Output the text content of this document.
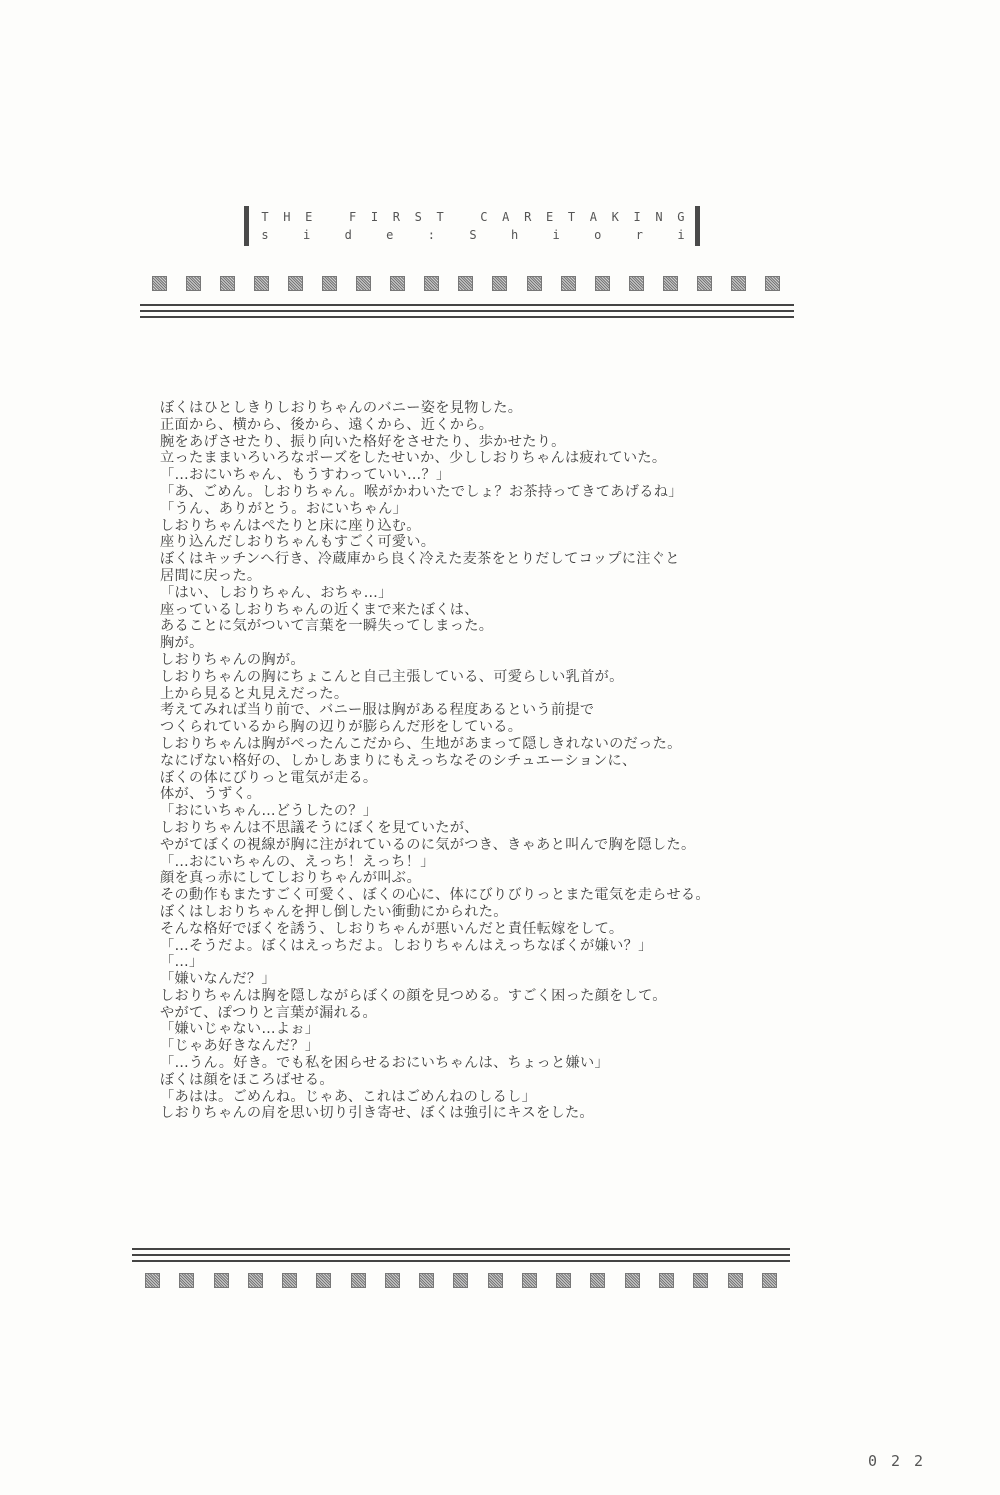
T H E
	F I R S T
	C A R E T A K I N G
s	i	d	e	:	S	h	i	o	r	i
ぼくはひとしきりしおりちゃんのバニー姿を見物した。
正面から、横から、後から、遠くから、近くから。
腕をあげさせたり、振り向いた格好をさせたり、歩かせたり。
立ったままいろいろなポーズをしたせいか、少ししおりちゃんは疲れていた。
「…おにいちゃん、もうすわっていい…？」
「あ、ごめん。しおりちゃん。喉がかわいたでしょ？お茶持ってきてあげるね」
「うん、ありがとう。おにいちゃん」
しおりちゃんはぺたりと床に座り込む。
座り込んだしおりちゃんもすごく可愛い。
ぼくはキッチンへ行き、冷蔵庫から良く冷えた麦茶をとりだしてコップに注ぐと
居間に戻った。
「はい、しおりちゃん、おちゃ…」
座っているしおりちゃんの近くまで来たぼくは、
あることに気がついて言葉を一瞬失ってしまった。
胸が。
しおりちゃんの胸が。
しおりちゃんの胸にちょこんと自己主張している、可愛らしい乳首が。
上から見ると丸見えだった。
考えてみれば当り前で、バニー服は胸がある程度あるという前提で
つくられているから胸の辺りが膨らんだ形をしている。
しおりちゃんは胸がぺったんこだから、生地があまって隠しきれないのだった。
なにげない格好の、しかしあまりにもえっちなそのシチュエーションに、
ぼくの体にびりっと電気が走る。
体が、うずく。
「おにいちゃん…どうしたの？」
しおりちゃんは不思議そうにぼくを見ていたが、
やがてぼくの視線が胸に注がれているのに気がつき、きゃあと叫んで胸を隠した。
「…おにいちゃんの、えっち！えっち！」
顔を真っ赤にしてしおりちゃんが叫ぶ。
その動作もまたすごく可愛く、ぼくの心に、体にびりびりっとまた電気を走らせる。
ぼくはしおりちゃんを押し倒したい衝動にかられた。
そんな格好でぼくを誘う、しおりちゃんが悪いんだと責任転嫁をして。
「…そうだよ。ぼくはえっちだよ。しおりちゃんはえっちなぼくが嫌い？」
「…」
「嫌いなんだ？」
しおりちゃんは胸を隠しながらぼくの顔を見つめる。すごく困った顔をして。
やがて、ぽつりと言葉が漏れる。
「嫌いじゃない…よぉ」
「じゃあ好きなんだ？」
「…うん。好き。でも私を困らせるおにいちゃんは、ちょっと嫌い」
ぼくは顔をほころばせる。
「あはは。ごめんね。じゃあ、これはごめんねのしるし」
しおりちゃんの肩を思い切り引き寄せ、ぼくは強引にキスをした。
022
